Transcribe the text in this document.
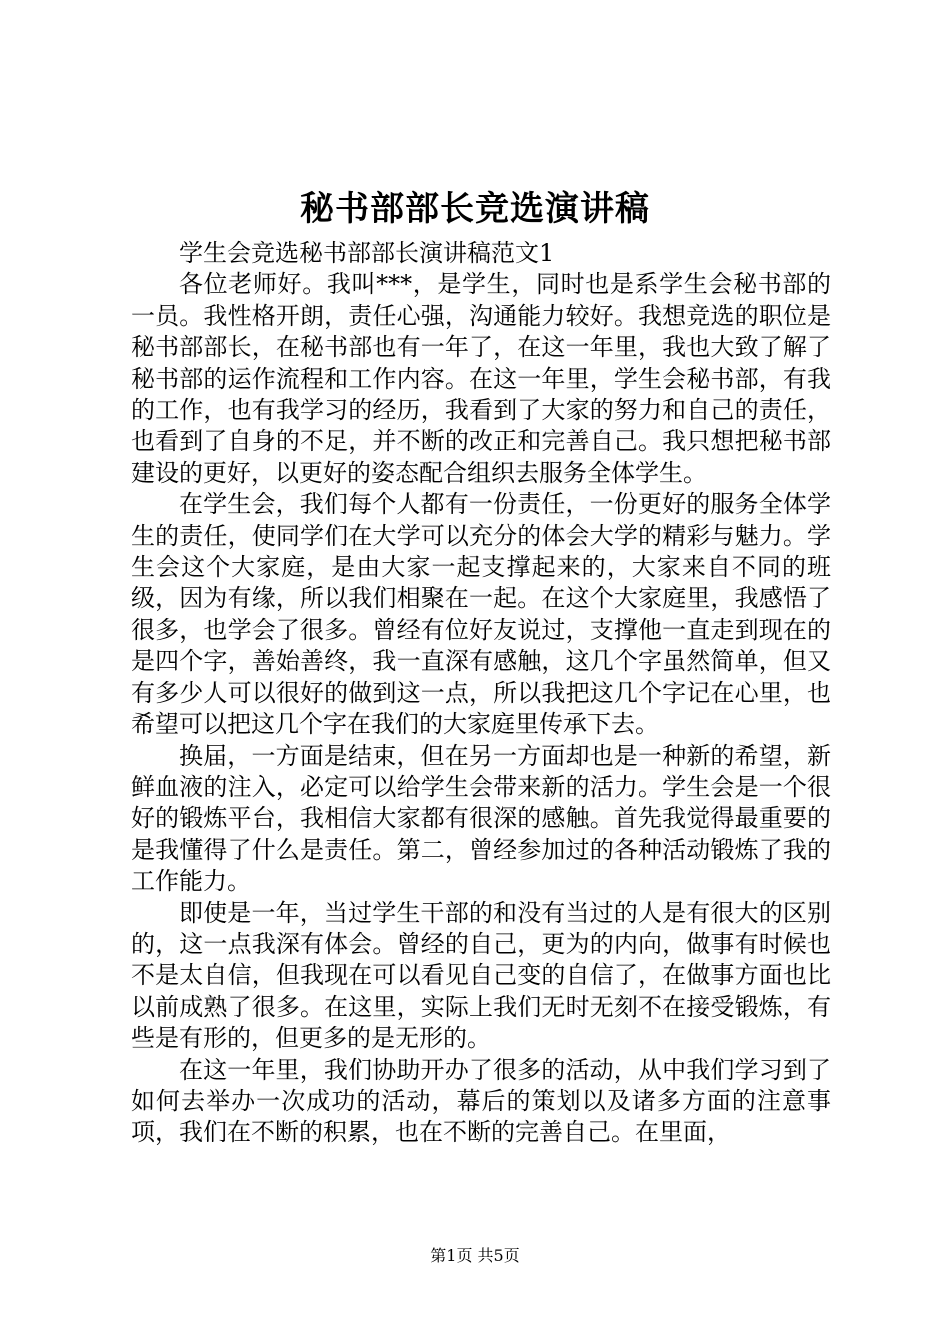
秘书部部长竞选演讲稿

学生会竞选秘书部部长演讲稿范文1

各位老师好。我叫***，是学生，同时也是系学生会秘书部的一员。我性格开朗，责任心强，沟通能力较好。我想竞选的职位是秘书部部长，在秘书部也有一年了，在这一年里，我也大致了解了秘书部的运作流程和工作内容。在这一年里，学生会秘书部，有我的工作，也有我学习的经历，我看到了大家的努力和自己的责任，也看到了自身的不足，并不断的改正和完善自己。我只想把秘书部建设的更好，以更好的姿态配合组织去服务全体学生。

在学生会，我们每个人都有一份责任，一份更好的服务全体学生的责任，使同学们在大学可以充分的体会大学的精彩与魅力。学生会这个大家庭，是由大家一起支撑起来的，大家来自不同的班级，因为有缘，所以我们相聚在一起。在这个大家庭里，我感悟了很多，也学会了很多。曾经有位好友说过，支撑他一直走到现在的是四个字，善始善终，我一直深有感触，这几个字虽然简单，但又有多少人可以很好的做到这一点，所以我把这几个字记在心里，也希望可以把这几个字在我们的大家庭里传承下去。

换届，一方面是结束，但在另一方面却也是一种新的希望，新鲜血液的注入，必定可以给学生会带来新的活力。学生会是一个很好的锻炼平台，我相信大家都有很深的感触。首先我觉得最重要的是我懂得了什么是责任。第二，曾经参加过的各种活动锻炼了我的工作能力。

即使是一年，当过学生干部的和没有当过的人是有很大的区别的，这一点我深有体会。曾经的自己，更为的内向，做事有时候也不是太自信，但我现在可以看见自己变的自信了，在做事方面也比以前成熟了很多。在这里，实际上我们无时无刻不在接受锻炼，有些是有形的，但更多的是无形的。

在这一年里，我们协助开办了很多的活动，从中我们学习到了如何去举办一次成功的活动，幕后的策划以及诸多方面的注意事项，我们在不断的积累，也在不断的完善自己。在里面，

第1页 共5页
